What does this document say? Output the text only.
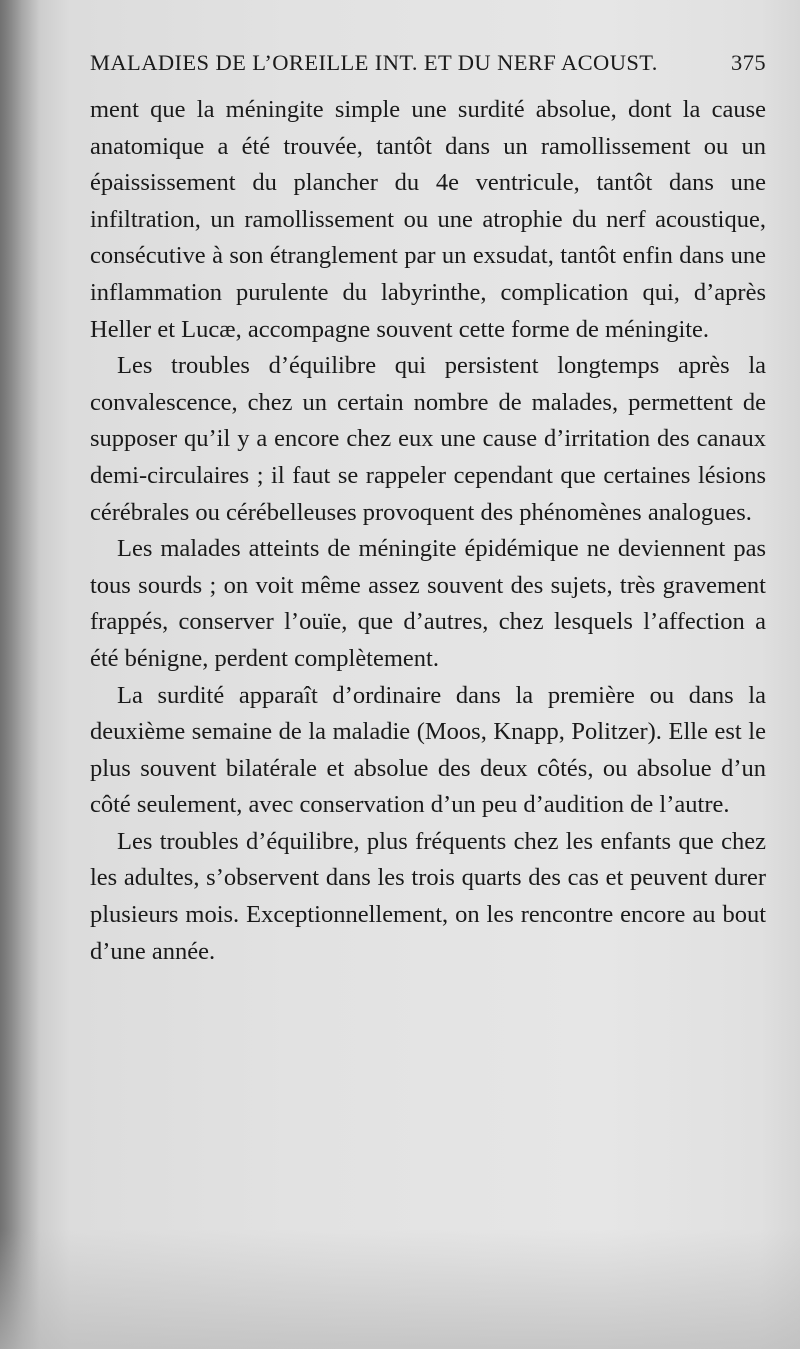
MALADIES DE L’OREILLE INT. ET DU NERF ACOUST.	375

ment que la méningite simple une surdité absolue, dont la cause anatomique a été trouvée, tantôt dans un ramollissement ou un épaississement du plancher du 4e ventricule, tantôt dans une infiltration, un ramollissement ou une atrophie du nerf acoustique, consécutive à son étranglement par un exsudat, tantôt enfin dans une inflammation purulente du labyrinthe, complication qui, d’après Heller et Lucæ, accompagne souvent cette forme de méningite.

Les troubles d’équilibre qui persistent longtemps après la convalescence, chez un certain nombre de malades, permettent de supposer qu’il y a encore chez eux une cause d’irritation des canaux demi-circulaires ; il faut se rappeler cependant que certaines lésions cérébrales ou cérébelleuses provoquent des phénomènes analogues.

Les malades atteints de méningite épidémique ne deviennent pas tous sourds ; on voit même assez souvent des sujets, très gravement frappés, conserver l’ouïe, que d’autres, chez lesquels l’affection a été bénigne, perdent complètement.

La surdité apparaît d’ordinaire dans la première ou dans la deuxième semaine de la maladie (Moos, Knapp, Politzer). Elle est le plus souvent bilatérale et absolue des deux côtés, ou absolue d’un côté seulement, avec conservation d’un peu d’audition de l’autre.

Les troubles d’équilibre, plus fréquents chez les enfants que chez les adultes, s’observent dans les trois quarts des cas et peuvent durer plusieurs mois. Exceptionnellement, on les rencontre encore au bout d’une année.
